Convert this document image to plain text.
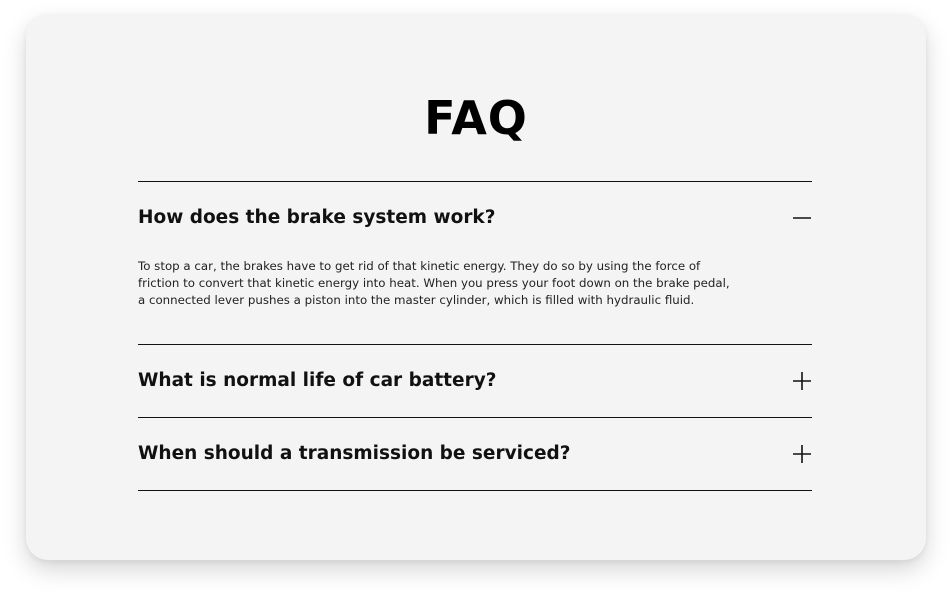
FAQ
How does the brake system work?
To stop a car, the brakes have to get rid of that kinetic energy. They do so by using the force of friction to convert that kinetic energy into heat. When you press your foot down on the brake pedal, a connected lever pushes a piston into the master cylinder, which is filled with hydraulic fluid.
What is normal life of car battery?
When should a transmission be serviced?
